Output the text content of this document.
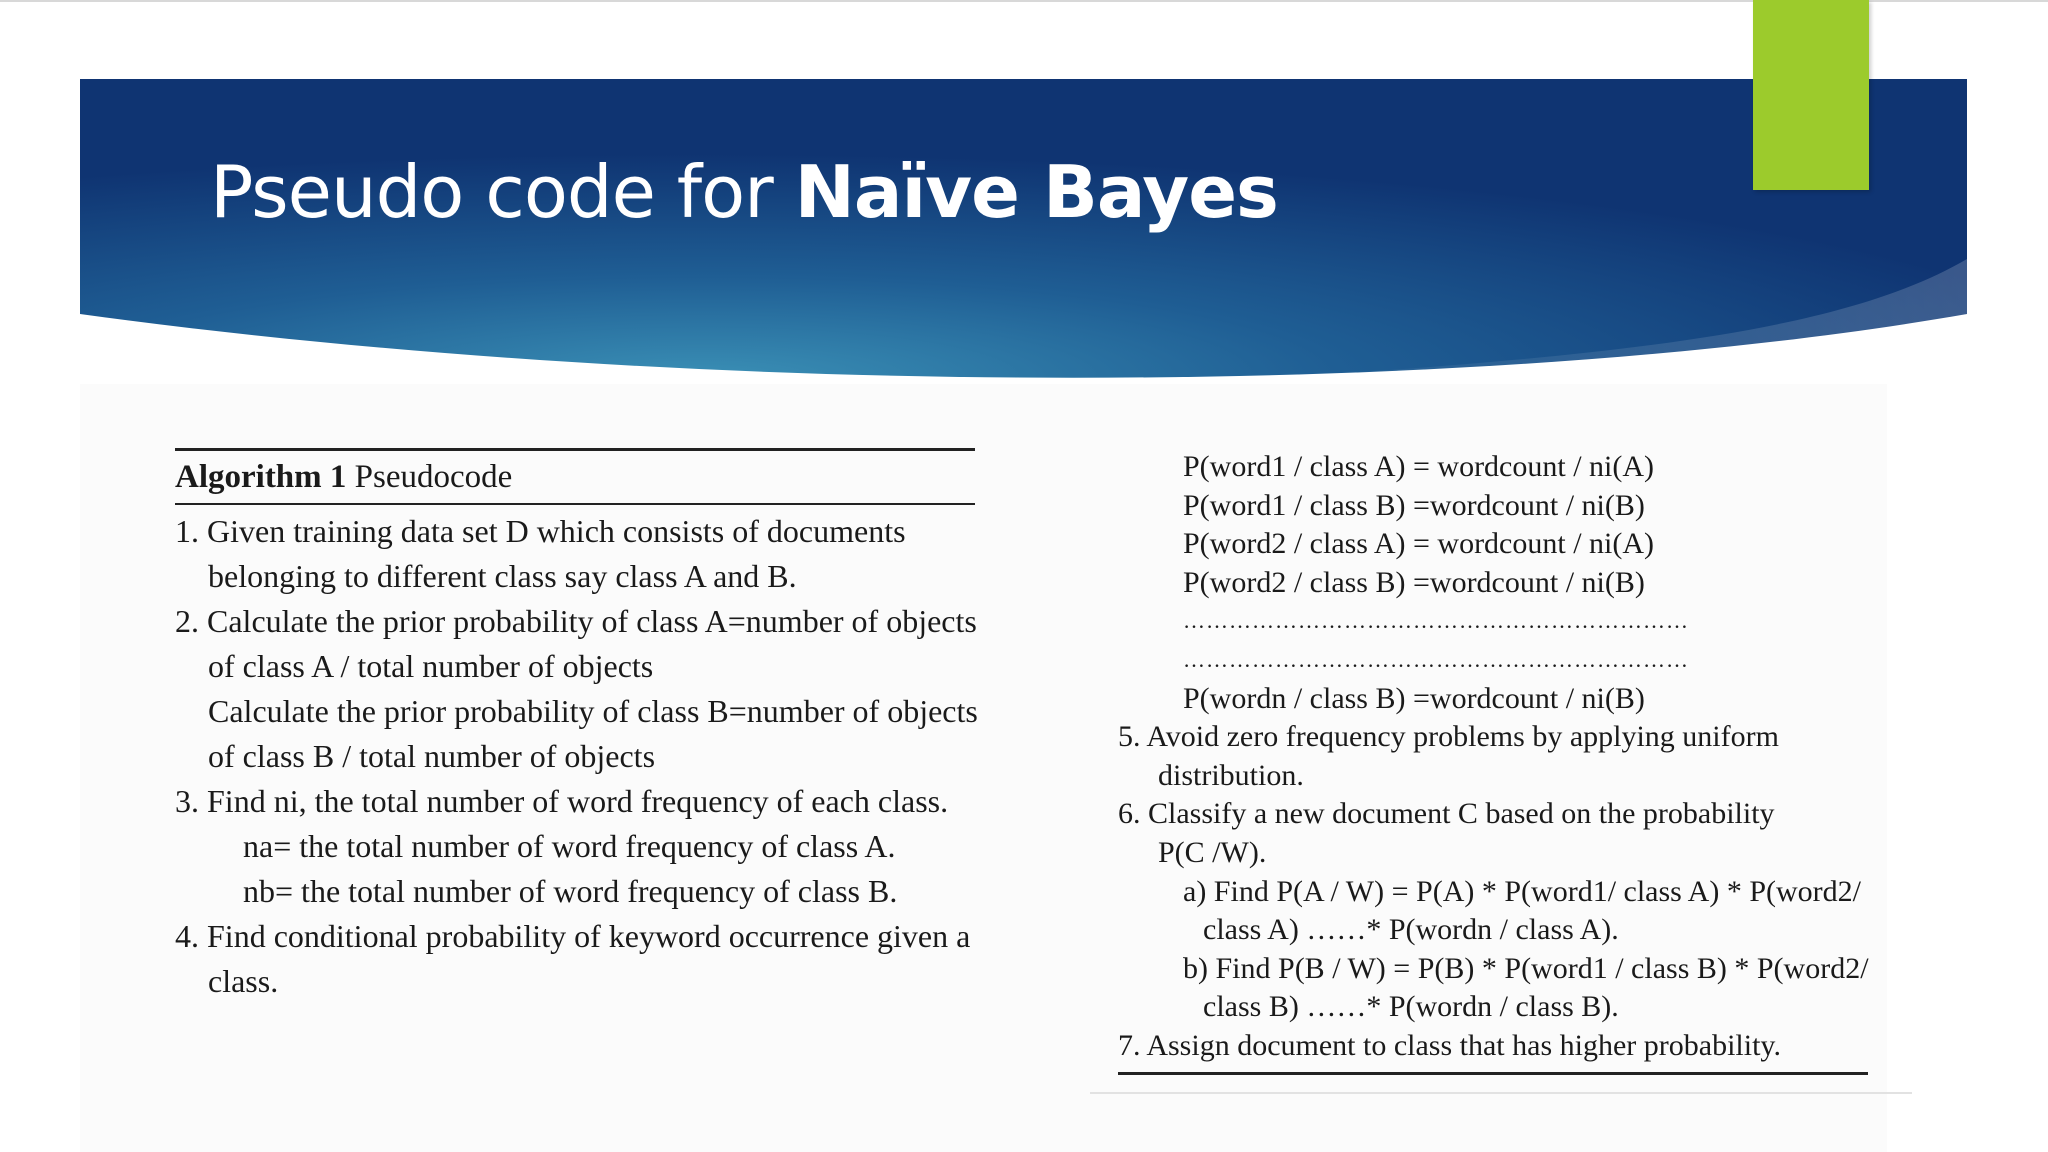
Pseudo code for Naïve Bayes
Algorithm 1 Pseudocode
1. Given training data set D which consists of documents
belonging to different class say class A and B.
2. Calculate the prior probability of class A=number of objects
of class A / total number of objects
Calculate the prior probability of class B=number of objects
of class B / total number of objects
3. Find ni, the total number of word frequency of each class.
na= the total number of word frequency of class A.
nb= the total number of word frequency of class B.
4. Find conditional probability of keyword occurrence given a
class.
P(word1 / class A) = wordcount / ni(A)
P(word1 / class B) =wordcount / ni(B)
P(word2 / class A) = wordcount / ni(A)
P(word2 / class B) =wordcount / ni(B)
…………………………………………………………
…………………………………………………………
P(wordn / class B) =wordcount / ni(B)
5. Avoid zero frequency problems by applying uniform
distribution.
6. Classify a new document C based on the probability
P(C /W).
a) Find P(A / W) = P(A) * P(word1/ class A) * P(word2/
class A) ……* P(wordn / class A).
b) Find P(B / W) = P(B) * P(word1 / class B) * P(word2/
class B) ……* P(wordn / class B).
7. Assign document to class that has higher probability.
